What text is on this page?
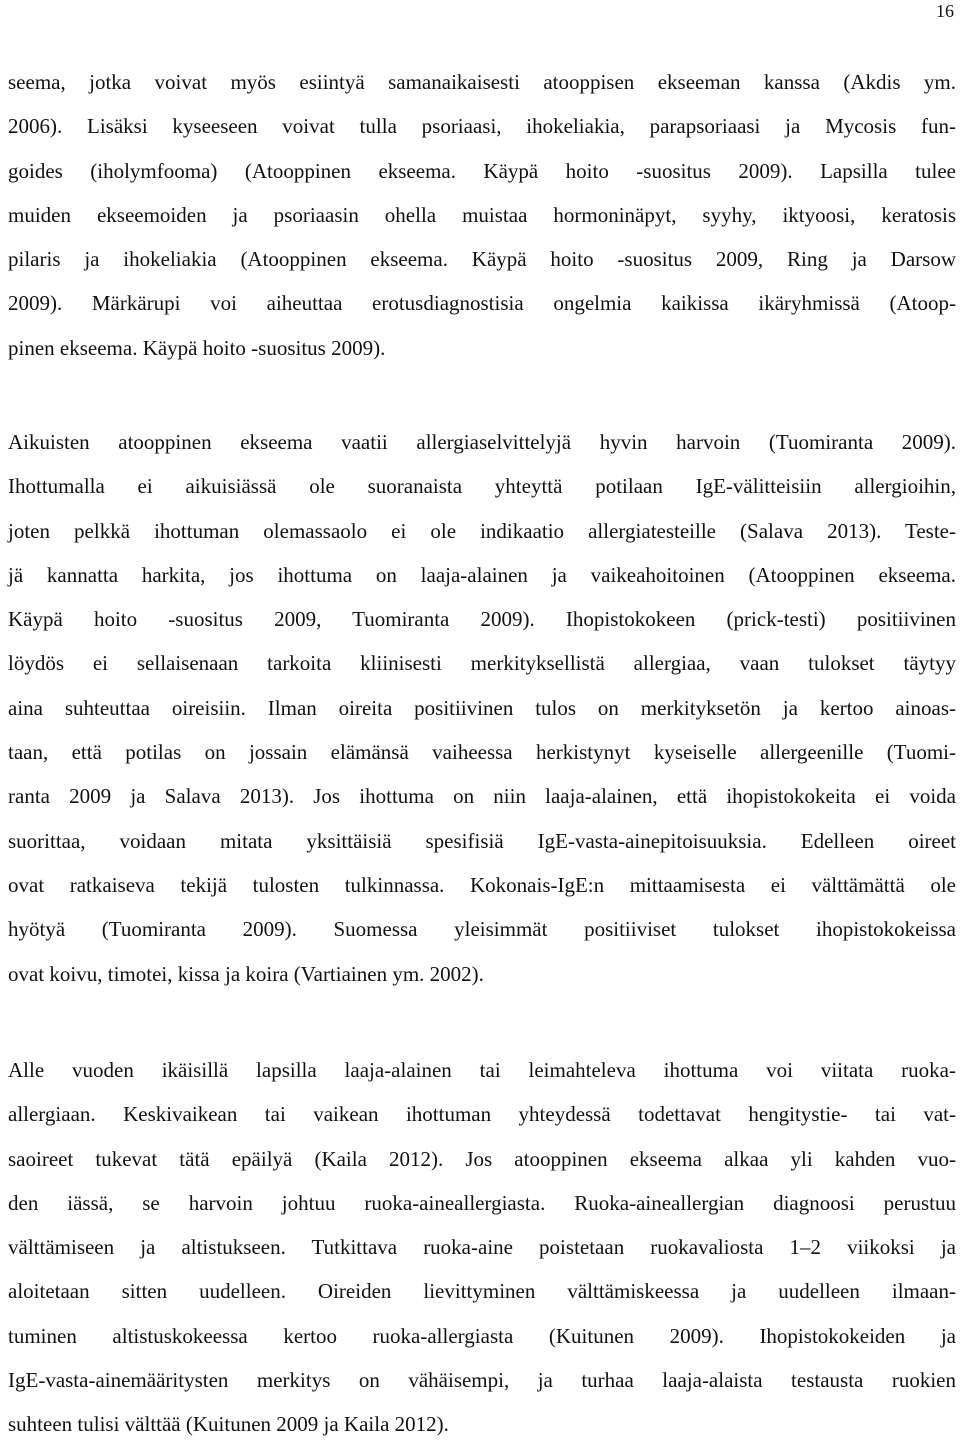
16

seema, jotka voivat myös esiintyä samanaikaisesti atooppisen ekseeman kanssa (Akdis ym.
2006). Lisäksi kyseeseen voivat tulla psoriaasi, ihokeliakia, parapsoriaasi ja Mycosis fun-
goides (iholymfooma) (Atooppinen ekseema. Käypä hoito -suositus 2009). Lapsilla tulee
muiden ekseemoiden ja psoriaasin ohella muistaa hormoninäpyt, syyhy, iktyoosi, keratosis
pilaris ja ihokeliakia (Atooppinen ekseema. Käypä hoito -suositus 2009, Ring ja Darsow
2009). Märkärupi voi aiheuttaa erotusdiagnostisia ongelmia kaikissa ikäryhmissä (Atoop-
pinen ekseema. Käypä hoito -suositus 2009).

Aikuisten atooppinen ekseema vaatii allergiaselvittelyjä hyvin harvoin (Tuomiranta 2009).
Ihottumalla ei aikuisiässä ole suoranaista yhteyttä potilaan IgE-välitteisiin allergioihin,
joten pelkkä ihottuman olemassaolo ei ole indikaatio allergiatesteille (Salava 2013). Teste-
jä kannatta harkita, jos ihottuma on laaja-alainen ja vaikeahoitoinen (Atooppinen ekseema.
Käypä hoito -suositus 2009, Tuomiranta 2009). Ihopistokokeen (prick-testi) positiivinen
löydös ei sellaisenaan tarkoita kliinisesti merkityksellistä allergiaa, vaan tulokset täytyy
aina suhteuttaa oireisiin. Ilman oireita positiivinen tulos on merkityksetön ja kertoo ainoas-
taan, että potilas on jossain elämänsä vaiheessa herkistynyt kyseiselle allergeenille (Tuomi-
ranta 2009 ja Salava 2013). Jos ihottuma on niin laaja-alainen, että ihopistokokeita ei voida
suorittaa, voidaan mitata yksittäisiä spesifisiä IgE-vasta-ainepitoisuuksia. Edelleen oireet
ovat ratkaiseva tekijä tulosten tulkinnassa. Kokonais-IgE:n mittaamisesta ei välttämättä ole
hyötyä (Tuomiranta 2009). Suomessa yleisimmät positiiviset tulokset ihopistokokeissa
ovat koivu, timotei, kissa ja koira (Vartiainen ym. 2002).

Alle vuoden ikäisillä lapsilla laaja-alainen tai leimahteleva ihottuma voi viitata ruoka-
allergiaan. Keskivaikean tai vaikean ihottuman yhteydessä todettavat hengitystie- tai vat-
saoireet tukevat tätä epäilyä (Kaila 2012). Jos atooppinen ekseema alkaa yli kahden vuo-
den iässä, se harvoin johtuu ruoka-aineallergiasta. Ruoka-aineallergian diagnoosi perustuu
välttämiseen ja altistukseen. Tutkittava ruoka-aine poistetaan ruokavaliosta 1–2 viikoksi ja
aloitetaan sitten uudelleen. Oireiden lievittyminen välttämiskeessa ja uudelleen ilmaan-
tuminen altistuskokeessa kertoo ruoka-allergiasta (Kuitunen 2009). Ihopistokokeiden ja
IgE-vasta-ainemääritysten merkitys on vähäisempi, ja turhaa laaja-alaista testausta ruokien
suhteen tulisi välttää (Kuitunen 2009 ja Kaila 2012).
